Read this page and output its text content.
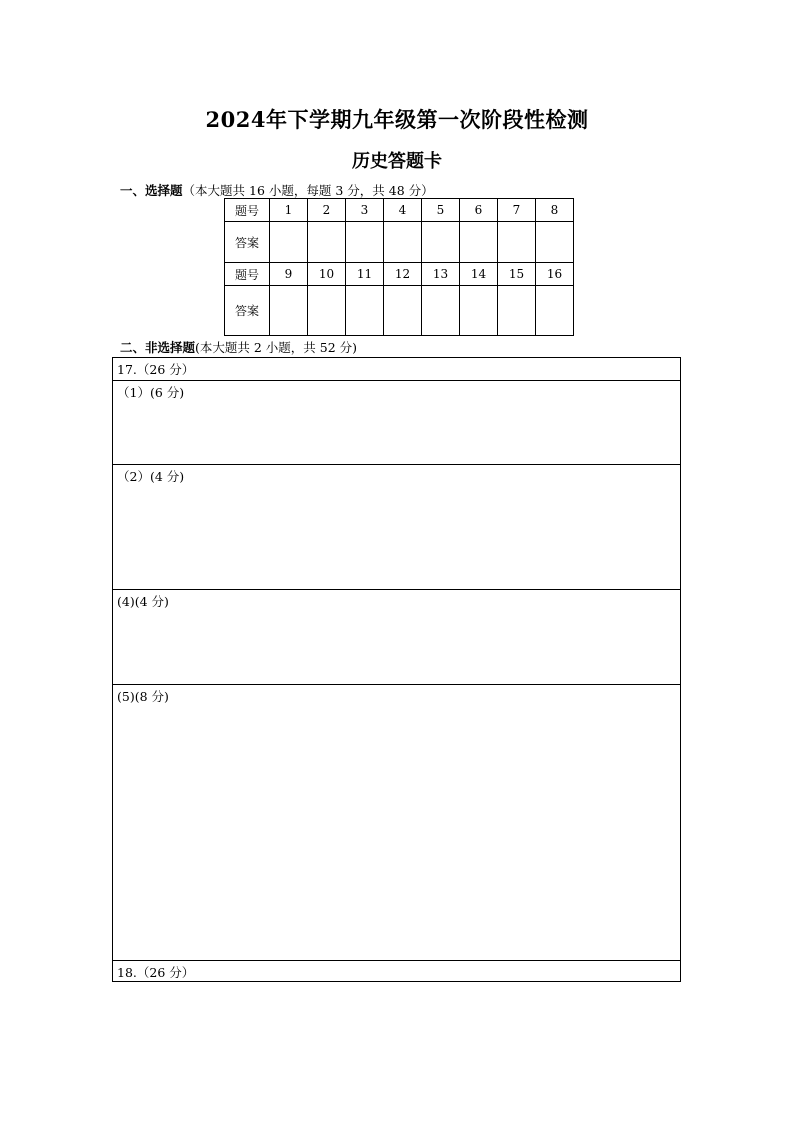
2024年下学期九年级第一次阶段性检测
历史答题卡
一、选择题（本大题共 16 小题，每题 3 分，共 48 分）
题号	1	2	3	4	5	6	7	8
答案								
题号	9	10	11	12	13	14	15	16
答案								
二、非选择题(本大题共 2 小题，共 52 分)
17.（26 分）
（1）(6 分)
（2）(4 分)
(4)(4 分)
(5)(8 分)
18.（26 分）
